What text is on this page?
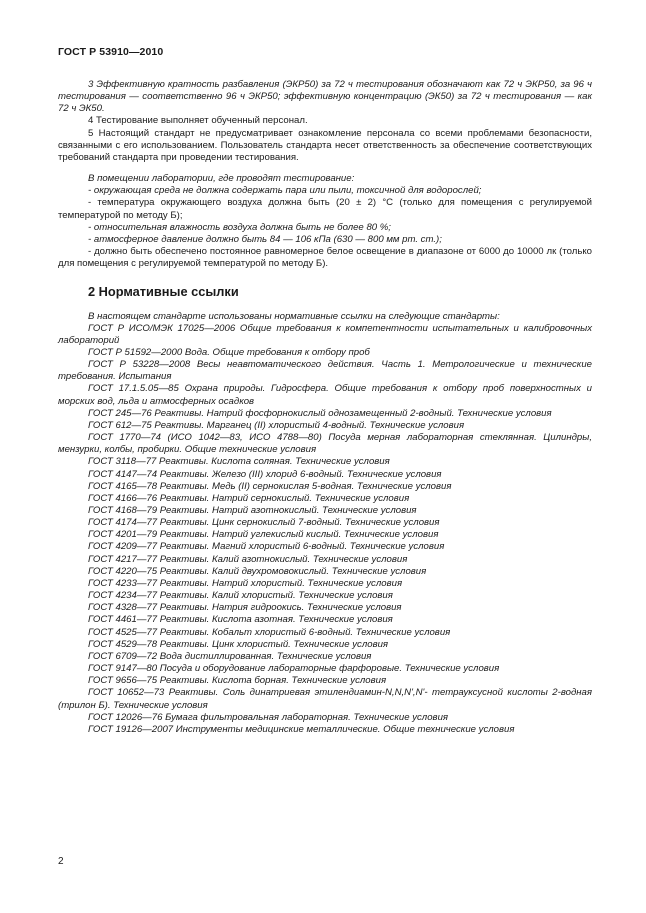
ГОСТ Р 53910—2010

3 Эффективную кратность разбавления (ЭКР50) за 72 ч тестирования обозначают как 72 ч ЭКР50, за 96 ч тестирования — соответственно 96 ч ЭКР50; эффективную концентрацию (ЭК50) за 72 ч тестирования — как 72 ч ЭК50.

4 Тестирование выполняет обученный персонал.

5 Настоящий стандарт не предусматривает ознакомление персонала со всеми проблемами безопасности, связанными с его использованием. Пользователь стандарта несет ответственность за обеспечение соответствующих требований стандарта при проведении тестирования.

В помещении лаборатории, где проводят тестирование:

- окружающая среда не должна содержать пара или пыли, токсичной для водорослей;

- температура окружающего воздуха должна быть (20 ± 2) °С (только для помещения с регулируемой температурой по методу Б);

- относительная влажность воздуха должна быть не более 80 %;

- атмосферное давление должно быть 84 — 106 кПа (630 — 800 мм рт. ст.);

- должно быть обеспечено постоянное равномерное белое освещение в диапазоне от 6000 до 10000 лк (только для помещения с регулируемой температурой по методу Б).

2 Нормативные ссылки

В настоящем стандарте использованы нормативные ссылки на следующие стандарты:

ГОСТ Р ИСО/МЭК 17025—2006 Общие требования к компетентности испытательных и калибровочных лабораторий

ГОСТ Р 51592—2000 Вода. Общие требования к отбору проб

ГОСТ Р 53228—2008 Весы неавтоматического действия. Часть 1. Метрологические и технические требования. Испытания

ГОСТ 17.1.5.05—85 Охрана природы. Гидросфера. Общие требования к отбору проб поверхностных и морских вод, льда и атмосферных осадков

ГОСТ 245—76 Реактивы. Натрий фосфорнокислый однозамещенный 2-водный. Технические условия

ГОСТ 612—75 Реактивы. Марганец (II) хлористый 4-водный. Технические условия

ГОСТ 1770—74 (ИСО 1042—83, ИСО 4788—80) Посуда мерная лабораторная стеклянная. Цилиндры, мензурки, колбы, пробирки. Общие технические условия

ГОСТ 3118—77 Реактивы. Кислота соляная. Технические условия

ГОСТ 4147—74 Реактивы. Железо (III) хлорид 6-водный. Технические условия

ГОСТ 4165—78 Реактивы. Медь (II) сернокислая 5-водная. Технические условия

ГОСТ 4166—76 Реактивы. Натрий сернокислый. Технические условия

ГОСТ 4168—79 Реактивы. Натрий азотнокислый. Технические условия

ГОСТ 4174—77 Реактивы. Цинк сернокислый 7-водный. Технические условия

ГОСТ 4201—79 Реактивы. Натрий углекислый кислый. Технические условия

ГОСТ 4209—77 Реактивы. Магний хлористый 6-водный. Технические условия

ГОСТ 4217—77 Реактивы. Калий азотнокислый. Технические условия

ГОСТ 4220—75 Реактивы. Калий двухромовокислый. Технические условия

ГОСТ 4233—77 Реактивы. Натрий хлористый. Технические условия

ГОСТ 4234—77 Реактивы. Калий хлористый. Технические условия

ГОСТ 4328—77 Реактивы. Натрия гидроокись. Технические условия

ГОСТ 4461—77 Реактивы. Кислота азотная. Технические условия

ГОСТ 4525—77 Реактивы. Кобальт хлористый 6-водный. Технические условия

ГОСТ 4529—78 Реактивы. Цинк хлористый. Технические условия

ГОСТ 6709—72 Вода дистиллированная. Технические условия

ГОСТ 9147—80 Посуда и оборудование лабораторные фарфоровые. Технические условия

ГОСТ 9656—75 Реактивы. Кислота борная. Технические условия

ГОСТ 10652—73 Реактивы. Соль динатриевая этилендиамин-N,N,N',N'- тетрауксусной кислоты 2-водная (трилон Б). Технические условия

ГОСТ 12026—76 Бумага фильтровальная лабораторная. Технические условия

ГОСТ 19126—2007 Инструменты медицинские металлические. Общие технические условия

2
